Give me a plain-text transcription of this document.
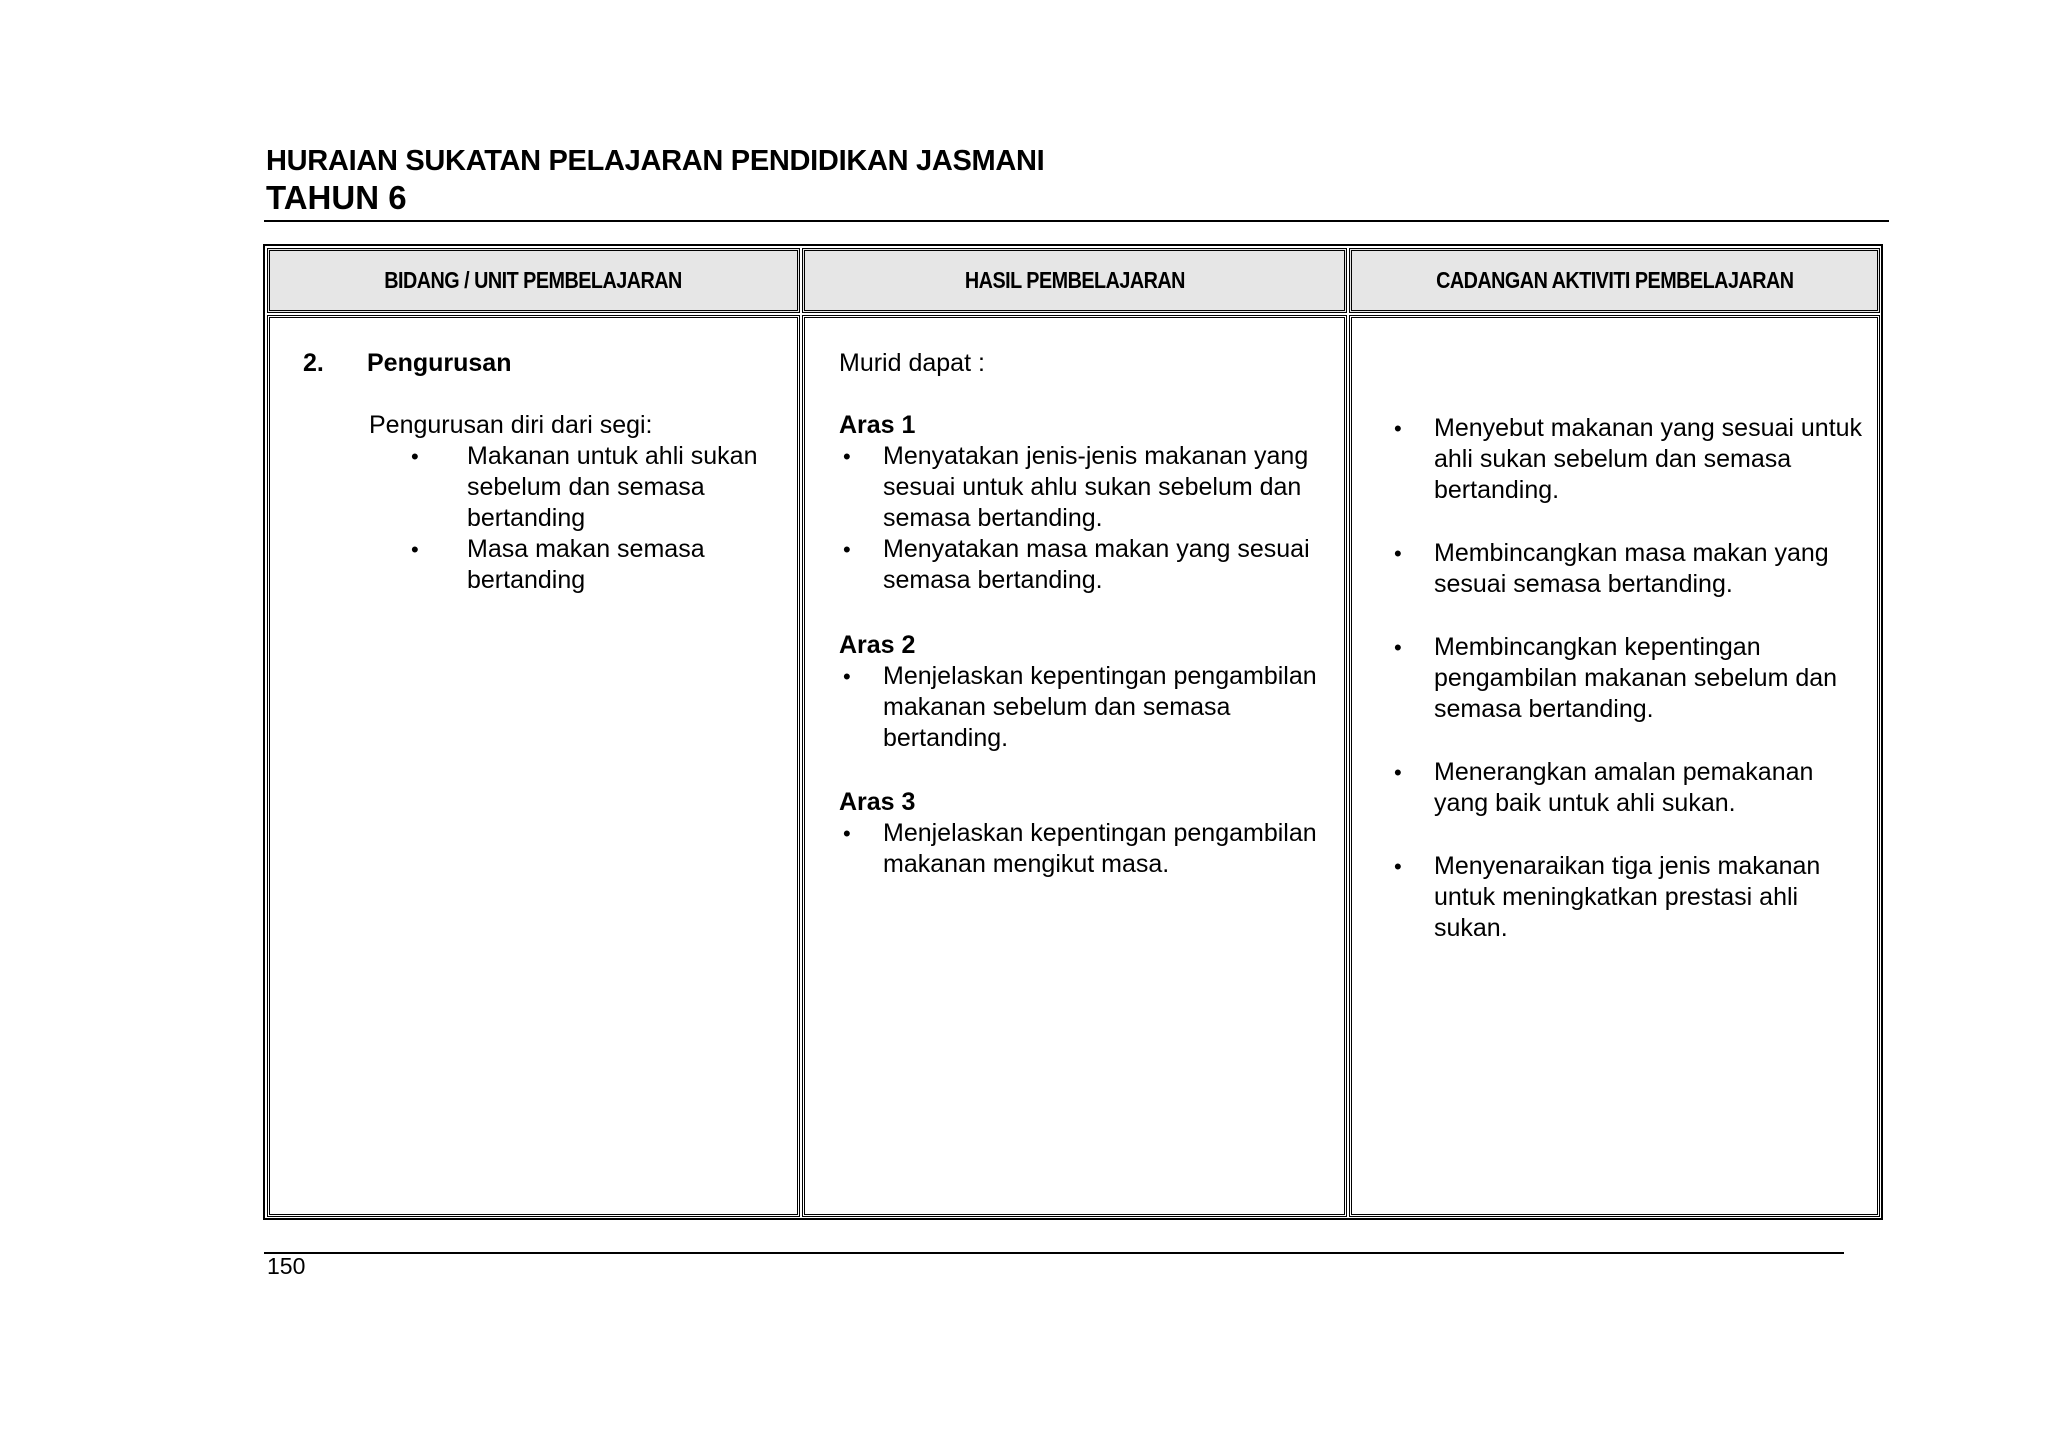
HURAIAN SUKATAN PELAJARAN PENDIDIKAN JASMANI
TAHUN 6
BIDANG / UNIT PEMBELAJARAN	HASIL PEMBELAJARAN	CADANGAN AKTIVITI PEMBELAJARAN
2. Pengurusan
Pengurusan diri dari segi:
• Makanan untuk ahli sukan sebelum dan semasa bertanding
• Masa makan semasa bertanding
Murid dapat :
Aras 1
• Menyatakan jenis-jenis makanan yang sesuai untuk ahlu sukan sebelum dan semasa bertanding.
• Menyatakan masa makan yang sesuai semasa bertanding.
Aras 2
• Menjelaskan kepentingan pengambilan makanan sebelum dan semasa bertanding.
Aras 3
• Menjelaskan kepentingan pengambilan makanan mengikut masa.
• Menyebut makanan yang sesuai untuk ahli sukan sebelum dan semasa bertanding.
• Membincangkan masa makan yang sesuai semasa bertanding.
• Membincangkan kepentingan pengambilan makanan sebelum dan semasa bertanding.
• Menerangkan amalan pemakanan yang baik untuk ahli sukan.
• Menyenaraikan tiga jenis makanan untuk meningkatkan prestasi ahli sukan.
150
